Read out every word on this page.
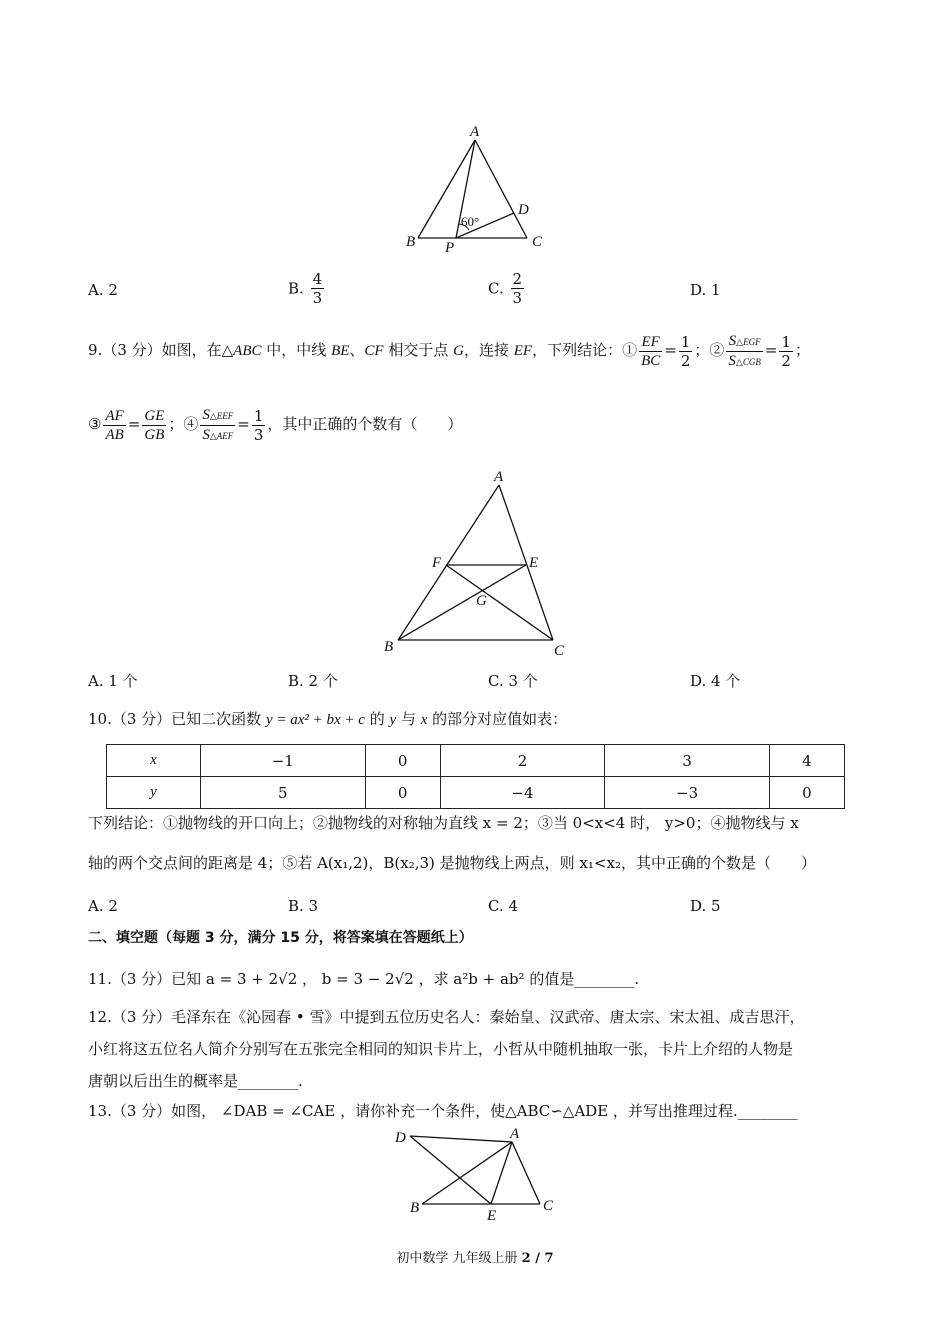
A
B	C
D
P
60°
A. 2	B. $\frac{4}{3}$	C. $\frac{2}{3}$	D. 1
9.（3 分）如图，在△ABC 中，中线 BE、CF 相交于点 G，连接 EF，下列结论：① $\frac{EF}{BC} = \frac{1}{2}$ ；② $\frac{\text{S△EGF}}{\text{S△CGB}} = \frac{1}{2}$ ；
③ $\frac{AF}{AB} = \frac{GE}{GB}$ ；④ $\frac{\text{S△EEF}}{\text{S△AEF}} = \frac{1}{3}$ ，其中正确的个数有（　　）
A
F	E
G
B	C
A. 1 个	B. 2 个	C. 3 个	D. 4 个
10.（3 分）已知二次函数 y = ax² + bx + c 的 y 与 x 的部分对应值如表：
x	−1	0	2	3	4
y	5	0	−4	−3	0
下列结论：①抛物线的开口向上；②抛物线的对称轴为直线 x = 2；③当 0<x<4 时， y>0；④抛物线与 x
轴的两个交点间的距离是 4；⑤若 A(x₁,2)，B(x₂,3) 是抛物线上两点，则 x₁<x₂，其中正确的个数是（　　）
A. 2	B. 3	C. 4	D. 5
二、填空题（每题 3 分，满分 15 分，将答案填在答题纸上）
11.（3 分）已知 a = 3 + 2√2 ， b = 3 − 2√2 ，求 a²b + ab² 的值是________.
12.（3 分）毛泽东在《沁园春 • 雪》中提到五位历史名人：秦始皇、汉武帝、唐太宗、宋太祖、成吉思汗，
小红将这五位名人简介分别写在五张完全相同的知识卡片上，小哲从中随机抽取一张，卡片上介绍的人物是
唐朝以后出生的概率是________.
13.（3 分）如图， ∠DAB = ∠CAE ，请你补充一个条件，使△ABC∽△ADE ，并写出推理过程.________
D	A
B	E
C
初中数学 九年级上册 2 / 7
